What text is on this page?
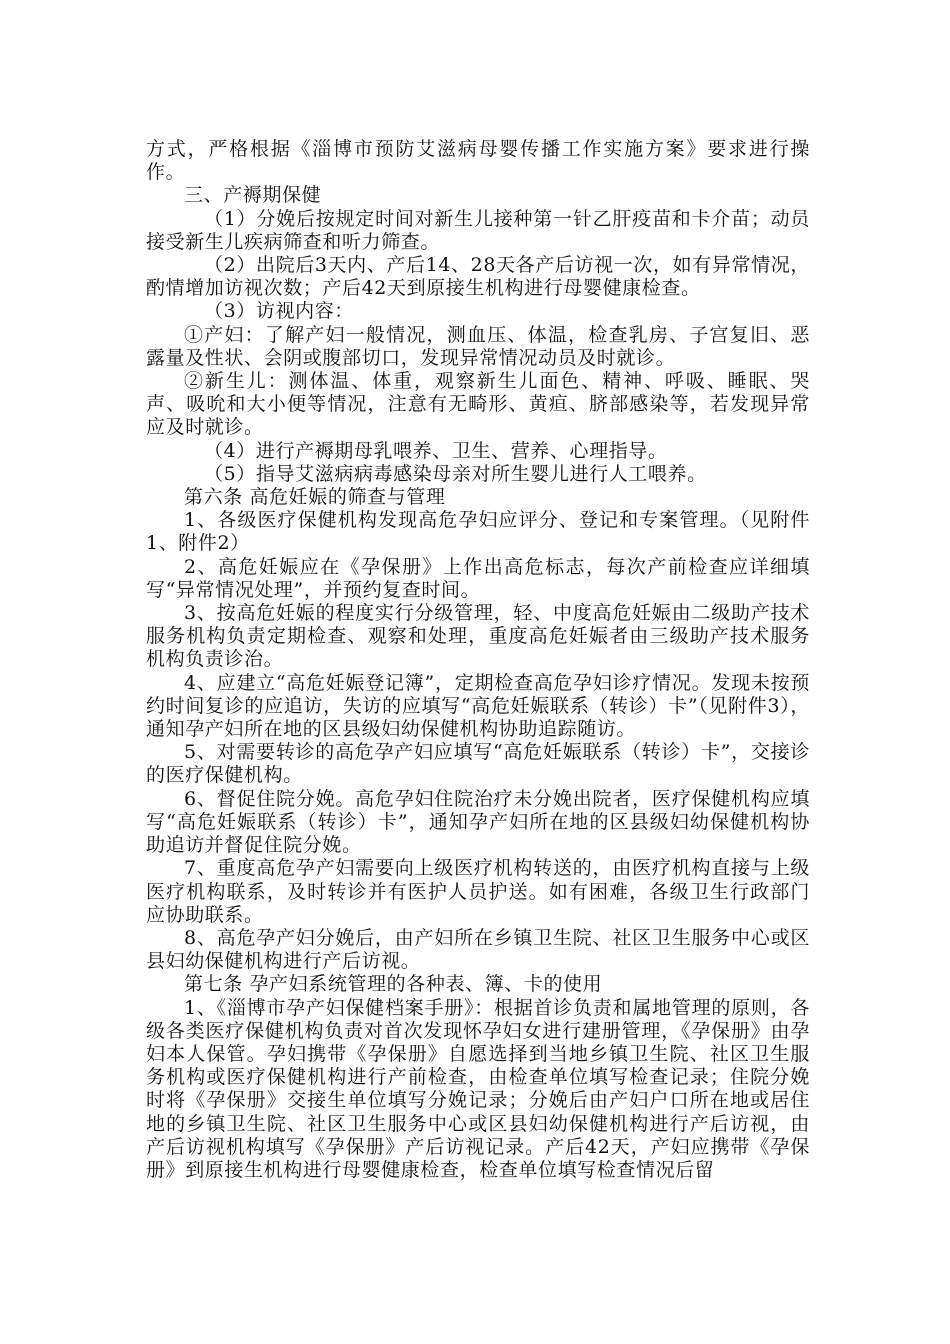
方式，严格根据《淄博市预防艾滋病母婴传播工作实施方案》要求进行操作。

三、产褥期保健

（1）分娩后按规定时间对新生儿接种第一针乙肝疫苗和卡介苗；动员接受新生儿疾病筛查和听力筛查。

（2）出院后3天内、产后14、28天各产后访视一次，如有异常情况，酌情增加访视次数；产后42天到原接生机构进行母婴健康检查。

（3）访视内容：

①产妇：了解产妇一般情况，测血压、体温，检查乳房、子宫复旧、恶露量及性状、会阴或腹部切口，发现异常情况动员及时就诊。

②新生儿：测体温、体重，观察新生儿面色、精神、呼吸、睡眠、哭声、吸吮和大小便等情况，注意有无畸形、黄疸、脐部感染等，若发现异常应及时就诊。

（4）进行产褥期母乳喂养、卫生、营养、心理指导。

（5）指导艾滋病病毒感染母亲对所生婴儿进行人工喂养。

第六条 高危妊娠的筛查与管理

1、各级医疗保健机构发现高危孕妇应评分、登记和专案管理。（见附件1、附件2）

2、高危妊娠应在《孕保册》上作出高危标志，每次产前检查应详细填写“异常情况处理”，并预约复查时间。

3、按高危妊娠的程度实行分级管理，轻、中度高危妊娠由二级助产技术服务机构负责定期检查、观察和处理，重度高危妊娠者由三级助产技术服务机构负责诊治。

4、应建立“高危妊娠登记簿”，定期检查高危孕妇诊疗情况。发现未按预约时间复诊的应追访，失访的应填写“高危妊娠联系（转诊）卡”（见附件3），通知孕产妇所在地的区县级妇幼保健机构协助追踪随访。

5、对需要转诊的高危孕产妇应填写“高危妊娠联系（转诊）卡”，交接诊的医疗保健机构。

6、督促住院分娩。高危孕妇住院治疗未分娩出院者，医疗保健机构应填写“高危妊娠联系（转诊）卡”，通知孕产妇所在地的区县级妇幼保健机构协助追访并督促住院分娩。

7、重度高危孕产妇需要向上级医疗机构转送的，由医疗机构直接与上级医疗机构联系，及时转诊并有医护人员护送。如有困难，各级卫生行政部门应协助联系。

8、高危孕产妇分娩后，由产妇所在乡镇卫生院、社区卫生服务中心或区县妇幼保健机构进行产后访视。

第七条 孕产妇系统管理的各种表、簿、卡的使用

1、《淄博市孕产妇保健档案手册》：根据首诊负责和属地管理的原则，各级各类医疗保健机构负责对首次发现怀孕妇女进行建册管理，《孕保册》由孕妇本人保管。孕妇携带《孕保册》自愿选择到当地乡镇卫生院、社区卫生服务机构或医疗保健机构进行产前检查，由检查单位填写检查记录；住院分娩时将《孕保册》交接生单位填写分娩记录；分娩后由产妇户口所在地或居住地的乡镇卫生院、社区卫生服务中心或区县妇幼保健机构进行产后访视，由产后访视机构填写《孕保册》产后访视记录。产后42天，产妇应携带《孕保册》到原接生机构进行母婴健康检查，检查单位填写检查情况后留
